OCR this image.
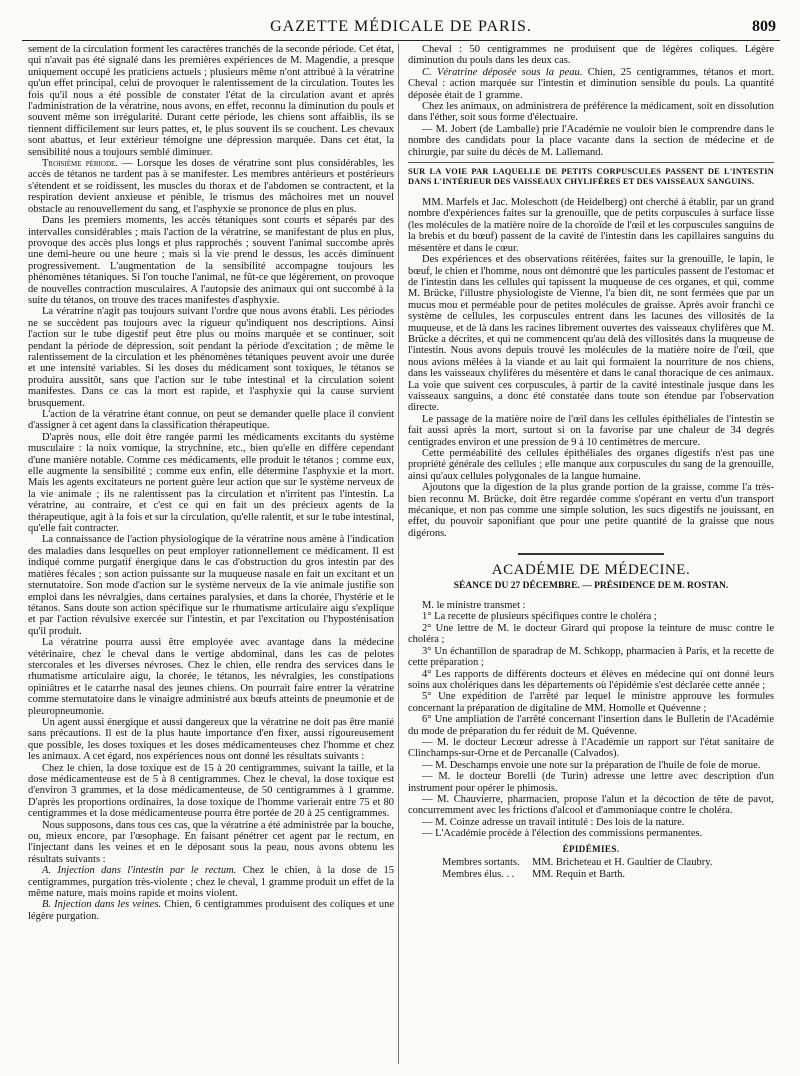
GAZETTE MÉDICALE DE PARIS.	809

sement de la circulation forment les caractères tranchés de la seconde période. Cet état, qui n'avait pas été signalé dans les premières expériences de M. Magendie, a presque uniquement occupé les praticiens actuels ; plusieurs même n'ont attribué à la vératrine qu'un effet principal, celui de provoquer le ralentissement de la circulation. Toutes les fois qu'il nous a été possible de constater l'état de la circulation avant et après l'administration de la vératrine, nous avons, en effet, reconnu la diminution du pouls et souvent même son irrégularité. Durant cette période, les chiens sont affaiblis, ils se tiennent difficilement sur leurs pattes, et, le plus souvent ils se couchent. Les chevaux sont abattus, et leur extérieur témoigne une dépression marquée. Dans cet état, la sensibilité nous a toujours semblé diminuer.

Troisième période. — Lorsque les doses de vératrine sont plus considérables, les accès de tétanos ne tardent pas à se manifester. Les membres antérieurs et postérieurs s'étendent et se roidissent, les muscles du thorax et de l'abdomen se contractent, et la respiration devient anxieuse et pénible, le trismus des mâchoires met un nouvel obstacle au renouvellement du sang, et l'asphyxie se prononce de plus en plus.

Dans les premiers moments, les accès tétaniques sont courts et séparés par des intervalles considérables ; mais l'action de la vératrine, se manifestant de plus en plus, provoque des accès plus longs et plus rapprochés ; souvent l'animal succombe après une demi-heure ou une heure ; mais si la vie prend le dessus, les accès diminuent progressivement. L'augmentation de la sensibilité accompagne toujours les phénomènes tétaniques. Si l'on touche l'animal, ne fût-ce que légèrement, on provoque de nouvelles contraction musculaires. A l'autopsie des animaux qui ont succombé à la suite du tétanos, on trouve des traces manifestes d'asphyxie.

La vératrine n'agit pas toujours suivant l'ordre que nous avons établi. Les périodes ne se succèdent pas toujours avec la rigueur qu'indiquent nos descriptions. Ainsi l'action sur le tube digestif peut être plus ou moins marquée et se continuer, soit pendant la période de dépression, soit pendant la période d'excitation ; de même le ralentissement de la circulation et les phénomènes tétaniques peuvent avoir une durée et une intensité variables. Si les doses du médicament sont toxiques, le tétanos se produira aussitôt, sans que l'action sur le tube intestinal et la circulation soient manifestes. Dans ce cas la mort est rapide, et l'asphyxie qui la cause survient brusquement.

L'action de la vératrine étant connue, on peut se demander quelle place il convient d'assigner à cet agent dans la classification thérapeutique.

D'après nous, elle doit être rangée parmi les médicaments excitants du système musculaire : la noix vomique, la strychnine, etc., bien qu'elle en diffère cependant d'une manière notable. Comme ces médicaments, elle produit le tétanos ; comme eux, elle augmente la sensibilité ; comme eux enfin, elle détermine l'asphyxie et la mort. Mais les agents excitateurs ne portent guère leur action que sur le système nerveux de la vie animale ; ils ne ralentissent pas la circulation et n'irritent pas l'intestin. La vératrine, au contraire, et c'est ce qui en fait un des précieux agents de la thérapeutique, agit à la fois et sur la circulation, qu'elle ralentit, et sur le tube intestinal, qu'elle fait contracter.

La connaissance de l'action physiologique de la vératrine nous amène à l'indication des maladies dans lesquelles on peut employer rationnellement ce médicament. Il est indiqué comme purgatif énergique dans le cas d'obstruction du gros intestin par des matières fécales ; son action puissante sur la muqueuse nasale en fait un excitant et un sternutatoire. Son mode d'action sur le système nerveux de la vie animale justifie son emploi dans les névralgies, dans certaines paralysies, et dans la chorée, l'hystérie et le tétanos. Sans doute son action spécifique sur le rhumatisme articulaire aigu s'explique et par l'action révulsive exercée sur l'intestin, et par l'excitation ou l'hyposténisation qu'il produit.

La vératrine pourra aussi être employée avec avantage dans la médecine vétérinaire, chez le cheval dans le vertige abdominal, dans les cas de pelotes stercorales et les diverses névroses. Chez le chien, elle rendra des services dans le rhumatisme articulaire aigu, la chorée, le tétanos, les névralgies, les constipations opiniâtres et le catarrhe nasal des jeunes chiens. On pourrait faire entrer la vératrine comme sternutatoire dans le vinaigre administré aux bœufs atteints de pneumonie et de pleuropneumonie.

Un agent aussi énergique et aussi dangereux que la vératrine ne doit pas être manié sans précautions. Il est de la plus haute importance d'en fixer, aussi rigoureusement que possible, les doses toxiques et les doses médicamenteuses chez l'homme et chez les animaux. A cet égard, nos expériences nous ont donné les résultats suivants :

Chez le chien, la dose toxique est de 15 à 20 centigrammes, suivant la taille, et la dose médicamenteuse est de 5 à 8 centigrammes. Chez le cheval, la dose toxique est d'environ 3 grammes, et la dose médicamenteuse, de 50 centigrammes à 1 gramme. D'après les proportions ordinaires, la dose toxique de l'homme varierait entre 75 et 80 centigrammes et la dose médicamenteuse pourra être portée de 20 à 25 centigrammes.

Nous supposons, dans tous ces cas, que la vératrine a été administrée par la bouche, ou, mieux encore, par l'œsophage. En faisant pénétrer cet agent par le rectum, en l'injectant dans les veines et en le déposant sous la peau, nous avons obtenu les résultats suivants :

A. Injection dans l'intestin par le rectum. Chez le chien, à la dose de 15 centigrammes, purgation très-violente ; chez le cheval, 1 gramme produit un effet de la même nature, mais moins rapide et moins violent.

B. Injection dans les veines. Chien, 6 centigrammes produisent des coliques et une légère purgation.

Cheval : 50 centigrammes ne produisent que de légères coliques. Légère diminution du pouls dans les deux cas.

C. Vératrine déposée sous la peau. Chien, 25 centigrammes, tétanos et mort. Cheval : action marquée sur l'intestin et diminution sensible du pouls. La quantité déposée était de 1 gramme.

Chez les animaux, on administrera de préférence la médicament, soit en dissolution dans l'éther, soit sous forme d'électuaire.

— M. Jobert (de Lamballe) prie l'Académie ne vouloir bien le comprendre dans le nombre des candidats pour la place vacante dans la section de médecine et de chirurgie, par suite du décès de M. Lallemand.

SUR LA VOIE PAR LAQUELLE DE PETITS CORPUSCULES PASSENT DE L'INTESTIN DANS L'INTÉRIEUR DES VAISSEAUX CHYLIFÈRES ET DES VAISSEAUX SANGUINS.

MM. Marfels et Jac. Moleschott (de Heidelberg) ont cherché à établir, par un grand nombre d'expériences faites sur la grenouille, que de petits corpuscules à surface lisse (les molécules de la matière noire de la choroïde de l'œil et les corpuscules sanguins de la brebis et du bœuf) passent de la cavité de l'intestin dans les capillaires sanguins du mésentère et dans le cœur.

Des expériences et des observations réitérées, faites sur la grenouille, le lapin, le bœuf, le chien et l'homme, nous ont démontré que les particules passent de l'estomac et de l'intestin dans les cellules qui tapissent la muqueuse de ces organes, et qui, comme M. Brücke, l'illustre physiologiste de Vienne, l'a bien dit, ne sont fermées que par un mucus mou et perméable pour de petites molécules de graisse. Après avoir franchi ce système de cellules, les corpuscules entrent dans les lacunes des villosités de la muqueuse, et de là dans les racines librement ouvertes des vaisseaux chylifères que M. Brücke a décrites, et qui ne commencent qu'au delà des villosités dans la muqueuse de l'intestin. Nous avons depuis trouvé les molécules de la matière noire de l'œil, que nous avions mêlées à la viande et au lait qui formaient la nourriture de nos chiens, dans les vaisseaux chylifères du mésentère et dans le canal thoracique de ces animaux. La voie que suivent ces corpuscules, à partir de la cavité intestinale jusque dans les vaisseaux sanguins, a donc été constatée dans toute son étendue par l'observation directe.

Le passage de la matière noire de l'œil dans les cellules épithéliales de l'intestin se fait aussi après la mort, surtout si on la favorise par une chaleur de 34 degrés centigrades environ et une pression de 9 à 10 centimètres de mercure.

Cette perméabilité des cellules épithéliales des organes digestifs n'est pas une propriété générale des cellules ; elle manque aux corpuscules du sang de la grenouille, ainsi qu'aux cellules polygonales de la langue humaine.

Ajoutons que la digestion de la plus grande portion de la graisse, comme l'a très-bien reconnu M. Brücke, doit être regardée comme s'opérant en vertu d'un transport mécanique, et non pas comme une simple solution, les sucs digestifs ne jouissant, en effet, du pouvoir saponifiant que pour une petite quantité de la graisse que nous digérons.

ACADÉMIE DE MÉDECINE.
SÉANCE DU 27 DÉCEMBRE. — PRÉSIDENCE DE M. ROSTAN.

M. le ministre transmet :

1° La recette de plusieurs spécifiques contre le choléra ;

2° Une lettre de M. le docteur Girard qui propose la teinture de musc contre le choléra ;

3° Un échantillon de sparadrap de M. Schkopp, pharmacien à Paris, et la recette de cette préparation ;

4° Les rapports de différents docteurs et élèves en médecine qui ont donné leurs soins aux cholériques dans les départements où l'épidémie s'est déclarée cette année ;

5° Une expédition de l'arrêté par lequel le ministre approuve les formules concernant la préparation de digitaline de MM. Homolle et Quévenne ;

6° Une ampliation de l'arrêté concernant l'insertion dans le Bulletin de l'Académie du mode de préparation du fer réduit de M. Quévenne.

— M. le docteur Lecœur adresse à l'Académie un rapport sur l'état sanitaire de Clinchamps-sur-Orne et de Percanalle (Calvados).

— M. Deschamps envoie une note sur la préparation de l'huile de foie de morue.

— M. le docteur Borelli (de Turin) adresse une lettre avec description d'un instrument pour opérer le phimosis.

— M. Chauvierre, pharmacien, propose l'alun et la décoction de tête de pavot, concurremment avec les frictions d'alcool et d'ammoniaque contre le choléra.

— M. Coinze adresse un travail intitulé : Des lois de la nature.

— L'Académie procède à l'élection des commissions permanentes.

ÉPIDÉMIES.
Membres sortants. MM. Bricheteau et H. Gaultier de Claubry.
Membres élus. . . MM. Requin et Barth.
